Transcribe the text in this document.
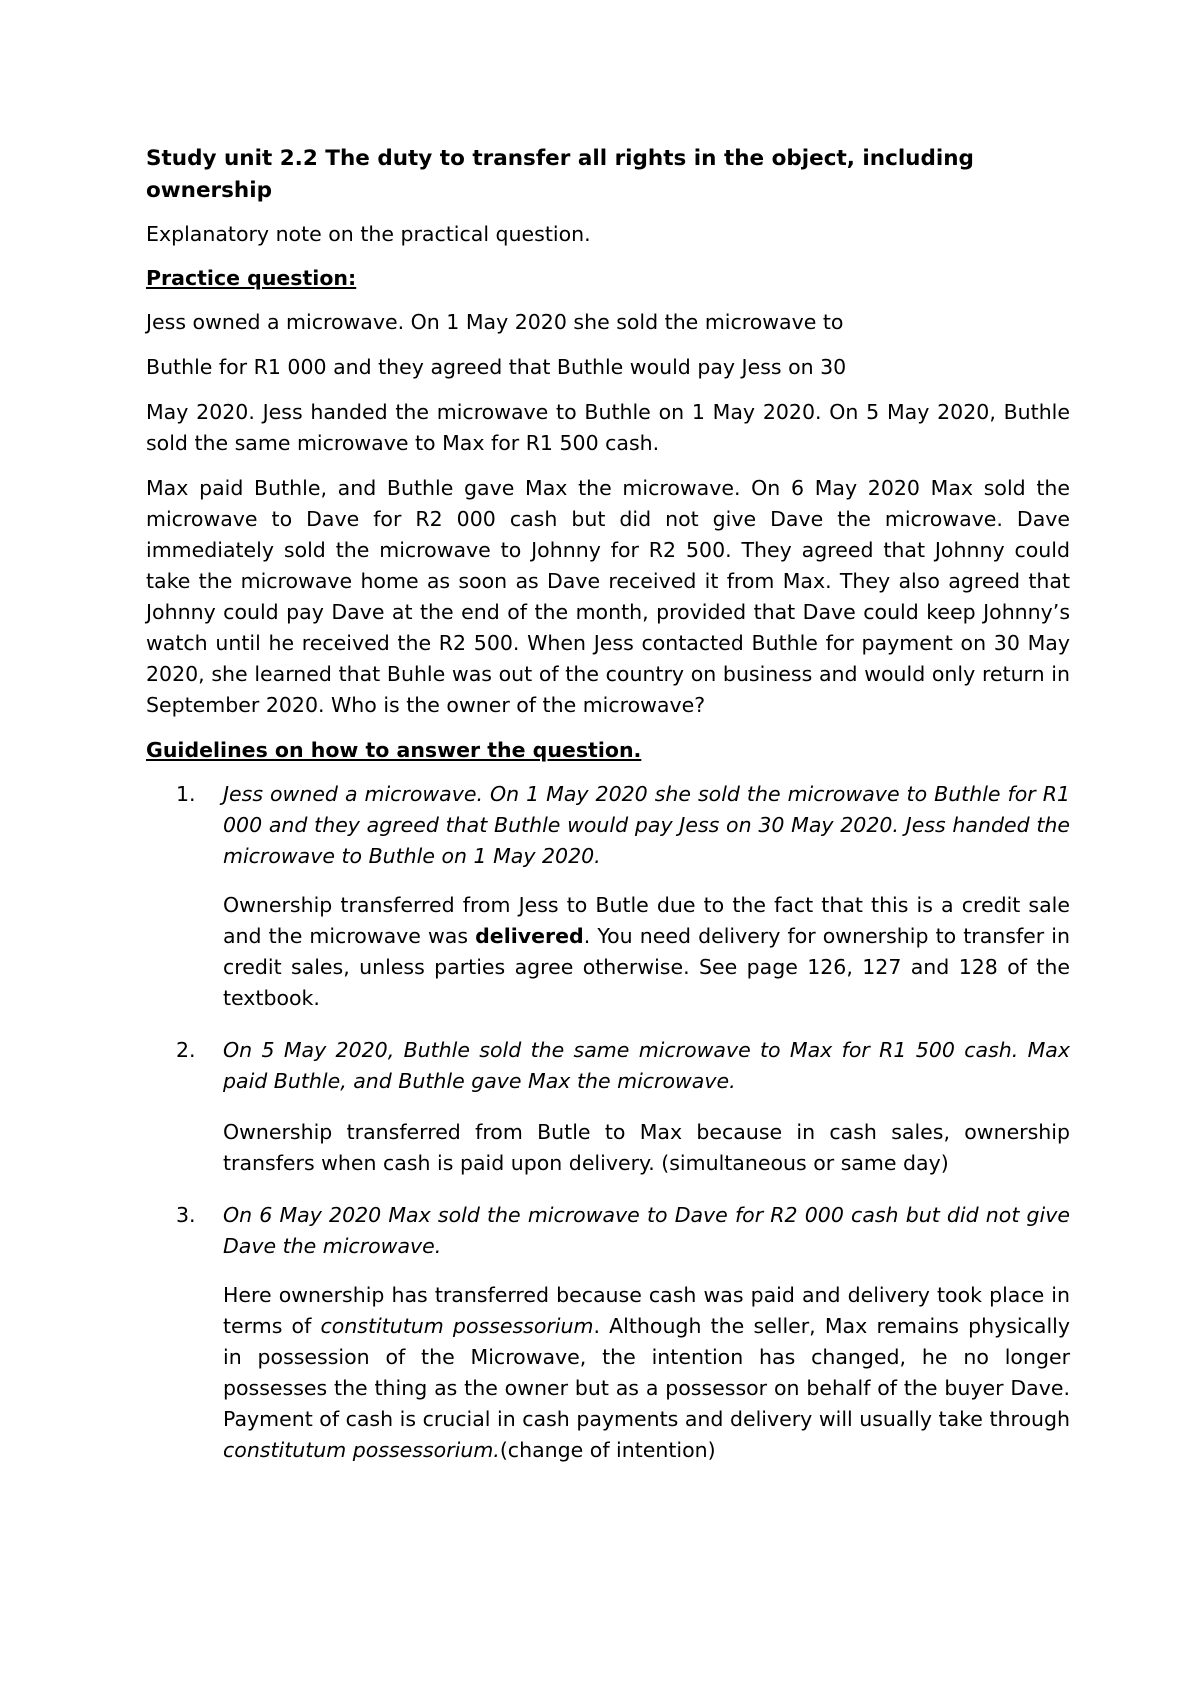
Study unit 2.2 The duty to transfer all rights in the object, including ownership
Explanatory note on the practical question.
Practice question:
Jess owned a microwave. On 1 May 2020 she sold the microwave to
Buthle for R1 000 and they agreed that Buthle would pay Jess on 30
May 2020. Jess handed the microwave to Buthle on 1 May 2020. On 5 May 2020, Buthle sold the same microwave to Max for R1 500 cash.
Max paid Buthle, and Buthle gave Max the microwave. On 6 May 2020 Max sold the microwave to Dave for R2 000 cash but did not give Dave the microwave. Dave immediately sold the microwave to Johnny for R2 500. They agreed that Johnny could take the microwave home as soon as Dave received it from Max. They also agreed that Johnny could pay Dave at the end of the month, provided that Dave could keep Johnny’s watch until he received the R2 500. When Jess contacted Buthle for payment on 30 May 2020, she learned that Buhle was out of the country on business and would only return in September 2020. Who is the owner of the microwave?
Guidelines on how to answer the question.
1. Jess owned a microwave. On 1 May 2020 she sold the microwave to Buthle for R1 000 and they agreed that Buthle would pay Jess on 30 May 2020. Jess handed the microwave to Buthle on 1 May 2020.
Ownership transferred from Jess to Butle due to the fact that this is a credit sale and the microwave was delivered. You need delivery for ownership to transfer in credit sales, unless parties agree otherwise. See page 126, 127 and 128 of the textbook.
2. On 5 May 2020, Buthle sold the same microwave to Max for R1 500 cash. Max paid Buthle, and Buthle gave Max the microwave.
Ownership transferred from Butle to Max because in cash sales, ownership transfers when cash is paid upon delivery. (simultaneous or same day)
3. On 6 May 2020 Max sold the microwave to Dave for R2 000 cash but did not give Dave the microwave.
Here ownership has transferred because cash was paid and delivery took place in terms of constitutum possessorium. Although the seller, Max remains physically in possession of the Microwave, the intention has changed, he no longer possesses the thing as the owner but as a possessor on behalf of the buyer Dave. Payment of cash is crucial in cash payments and delivery will usually take through constitutum possessorium.(change of intention)
